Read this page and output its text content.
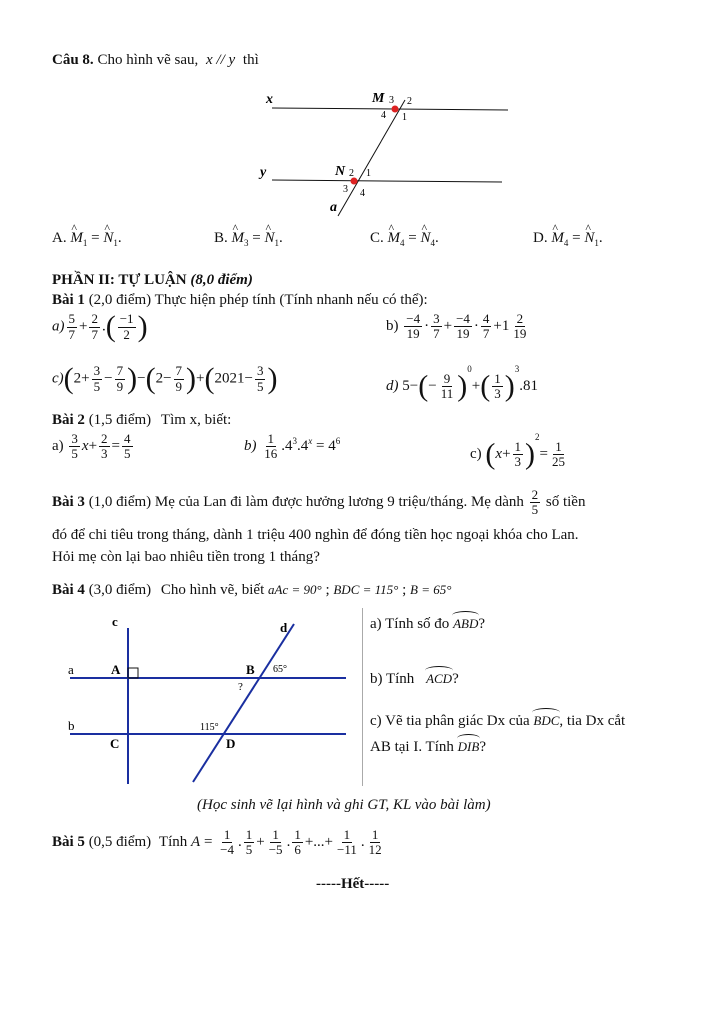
Câu 8. Cho hình vẽ sau, x // y thì
x
y
a
M
N
3 2
4 1
2 1
3 4
A. ^ $M_1$ = ^ $N_1$.	B. ^ $M_3$ = ^ $N_1$.	C. ^ $M_4$ = ^ $N_4$.	D. ^ $M_4$ = ^ $N_1$.
PHẦN II: TỰ LUẬN (8,0 điểm)
Bài 1 (2,0 điểm) Thực hiện phép tính (Tính nhanh nếu có thể):
$a) \frac{5}{7} + \frac{2}{7}$ .( $\frac{-1}{2}$ )	$b) \frac{-4}{19} \cdot \frac{3}{7} + \frac{-4}{19} \cdot \frac{4}{7} +1 \frac{2}{19}$
$c)(2+ \frac{3}{5} - \frac{7}{9} )-(2- \frac{7}{9} )+(2021- \frac{3}{5}$ )	d) $5-(- \frac{9}{11} )^0+( \frac{1}{3} )^3.81$
Bài 2 (1,5 điểm) Tìm x, biết:
$a) \frac{3}{5} x+ \frac{2}{3} = \frac{4}{5}$	$b) \frac{1}{16} .4^3.4^x = 4^6$
c) $(x+ \frac{1}{3} )^2= \frac{1}{25}$
Bài 3 (1,0 điểm) Mẹ của Lan đi làm được hưởng lương 9 triệu/tháng. Mẹ dành $\frac{2}{5}$ số tiền
đó để chi tiêu trong tháng, dành 1 triệu 400 nghìn để đóng tiền học ngoại khóa cho Lan.
Hỏi mẹ còn lại bao nhiêu tiền trong 1 tháng?
Bài 4 (3,0 điểm) Cho hình vẽ, biết aAc = 90° ; BDC = 115° ; B = 65°
c	d
a
b
A	B
C	D
65°
115°
?
a) Tính số đo ABD?
b) Tính ACD?
c) Vẽ tia phân giác Dx của BDC, tia Dx cắt
AB tại I. Tính DIB?
(Học sinh vẽ lại hình và ghi GT, KL vào bài làm)
Bài 5 (0,5 điểm) Tính $A = \frac{1}{-4}$ . $\frac{1}{5} + \frac{1}{-5}$ . $\frac{1}{6}$ +...+ $\frac{1}{-11}$ . $\frac{1}{12}$
-----Hết-----
